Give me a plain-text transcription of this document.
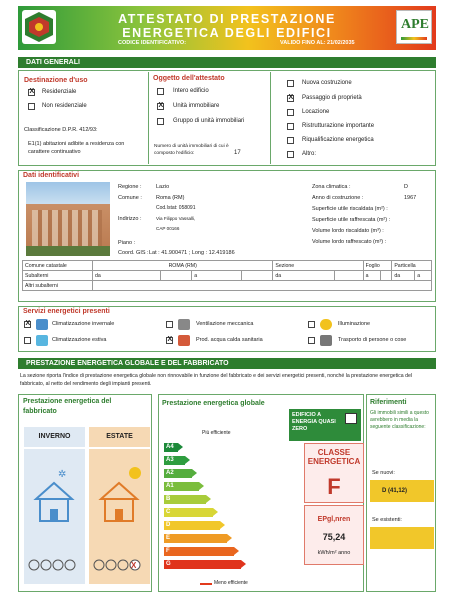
ATTESTATO DI PRESTAZIONE
ENERGETICA DEGLI EDIFICI
CODICE IDENTIFICATIVO:	VALIDO FINO AL: 21/02/2035
APE
DATI GENERALI
Destinazione d'uso
X
Residenziale
Non residenziale
Classificazione D.P.R. 412/93:
E1(1) abitazioni adibite a residenza con carattere continuativo
Oggetto dell'attestato
Intero edificio
X
Unità immobiliare
Gruppo di unità immobiliari
Numero di unità immobiliari di cui è composto l'edificio:	17
Nuova costruzione
X
Passaggio di proprietà
Locazione
Ristrutturazione importante
Riqualificazione energetica
Altro:
Dati identificativi
Regione :	Lazio
Comune :	Roma (RM)
Cod.Istat: 058091
Indirizzo :	Via Filippo Vassalli,
CAP 00166
Piano :
Coord. GIS : Lat : 41.900471 ; Long : 12.419186
Zona climatica :	D
Anno di costruzione :	1967
Superficie utile riscaldata (m²) :
Superficie utile raffrescata (m²) :
Volume lordo riscaldato (m³) :
Volume lordo raffrescato (m³) :
Comune catastale	ROMA (RM)				Sezione		Foglio		Particella	
Subalterni	da		a		da		a		da	a
Altri subalterni										
Servizi energetici presenti
X
Climatizzazione invernale	Ventilazione meccanica	Illuminazione
Climatizzazione estiva X	Prod. acqua calda sanitaria	Trasporto di persone o cose
PRESTAZIONE ENERGETICA GLOBALE E DEL FABBRICATO
La sezione riporta l'indice di prestazione energetica globale non rinnovabile in funzione del fabbricato e dei servizi energetici presenti, nonché la prestazione energetica del fabbricato, al netto del rendimento degli impianti presenti.
Prestazione energetica del fabbricato
INVERNO	ESTATE
✲
X
Prestazione energetica globale
Più efficiente
Meno efficiente
A4
A3
A2
A1
B
C
D
E
F
G
EDIFICIO A ENERGIA QUASI ZERO
CLASSE ENERGETICA
F
EPgl,nren
75,24
kWh/m² anno
Riferimenti
Gli immobili simili a questo avrebbero in media la seguente classificazione:
Se nuovi:
D (41,12)
Se esistenti:
